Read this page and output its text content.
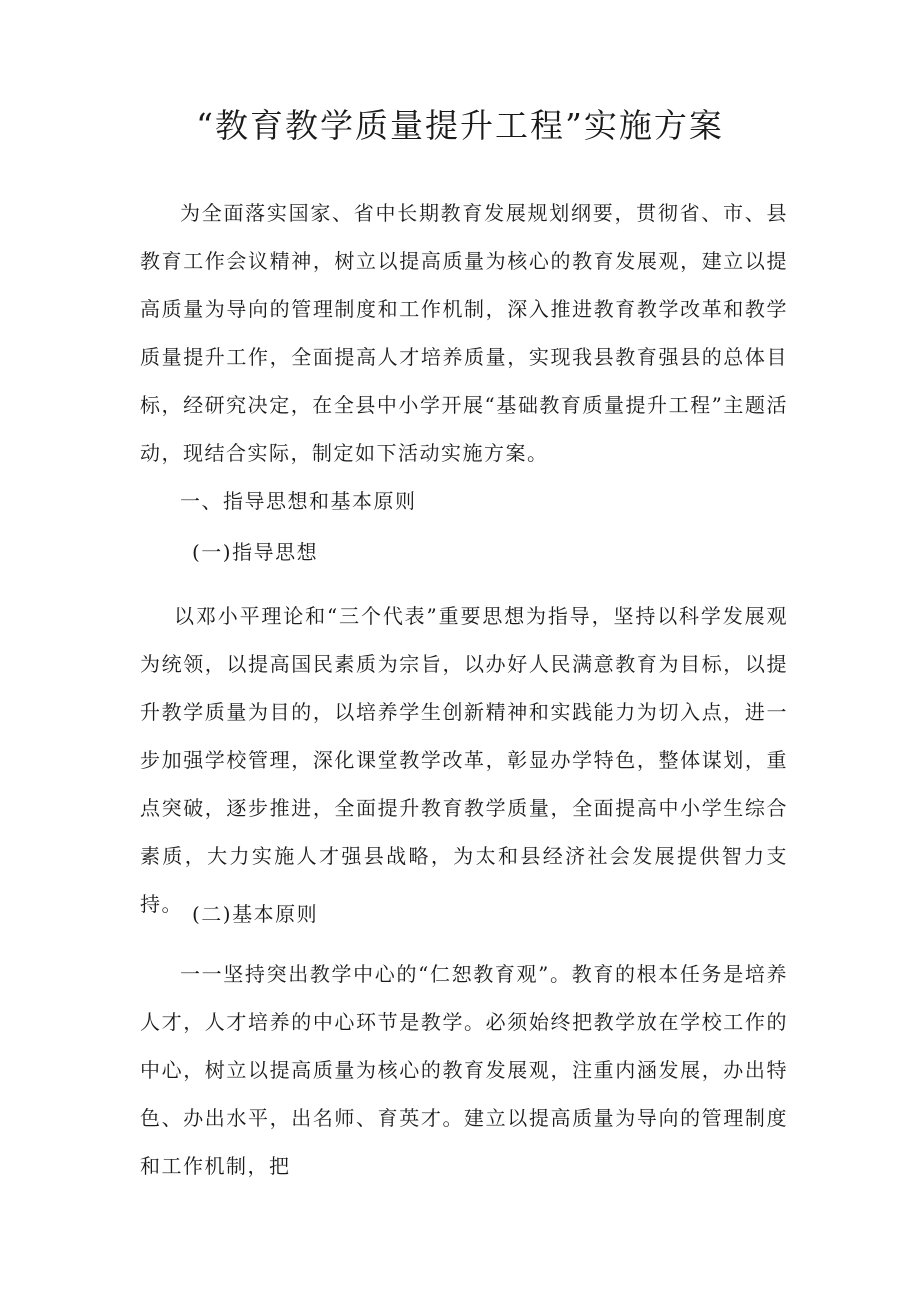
“教育教学质量提升工程”实施方案

为全面落实国家、省中长期教育发展规划纲要，贯彻省、市、县教育工作会议精神，树立以提高质量为核心的教育发展观，建立以提高质量为导向的管理制度和工作机制，深入推进教育教学改革和教学质量提升工作，全面提高人才培养质量，实现我县教育强县的总体目标，经研究决定，在全县中小学开展“基础教育质量提升工程”主题活动，现结合实际，制定如下活动实施方案。

一、指导思想和基本原则
(一)指导思想

以邓小平理论和“三个代表”重要思想为指导，坚持以科学发展观为统领，以提高国民素质为宗旨，以办好人民满意教育为目标，以提升教学质量为目的，以培养学生创新精神和实践能力为切入点，进一步加强学校管理，深化课堂教学改革，彰显办学特色，整体谋划，重点突破，逐步推进，全面提升教育教学质量，全面提高中小学生综合素质，大力实施人才强县战略，为太和县经济社会发展提供智力支持。 (二)基本原则

一一坚持突出教学中心的“仁恕教育观”。教育的根本任务是培养人才，人才培养的中心环节是教学。必须始终把教学放在学校工作的中心，树立以提高质量为核心的教育发展观，注重内涵发展，办出特色、办出水平，出名师、育英才。建立以提高质量为导向的管理制度和工作机制，把
